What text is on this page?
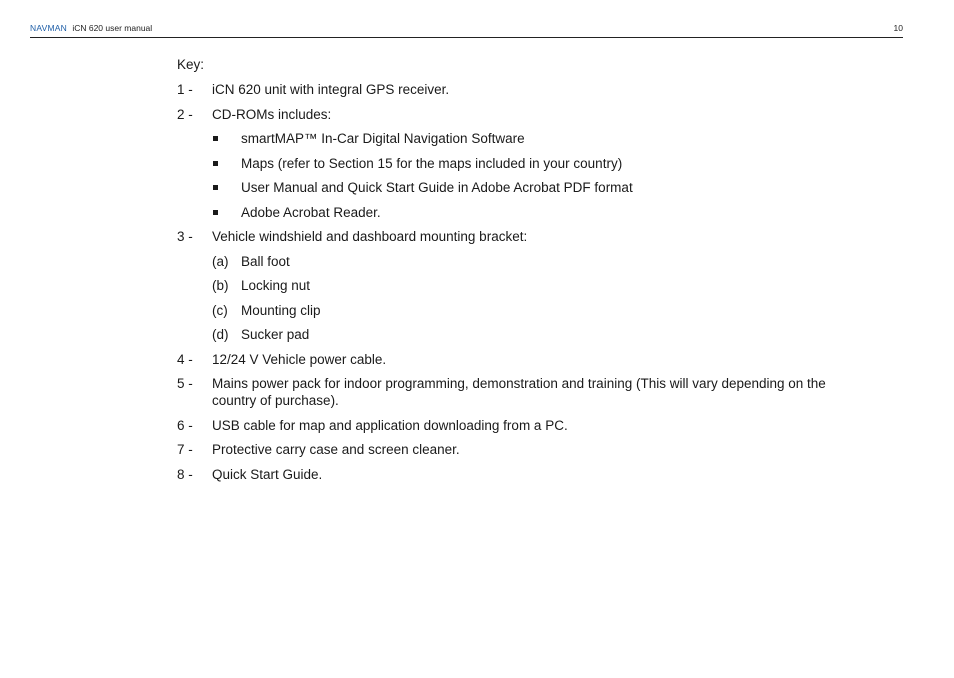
NAVMAN iCN 620 user manual	10
Key:
1 - iCN 620 unit with integral GPS receiver.
2 - CD-ROMs includes:
smartMAP™ In-Car Digital Navigation Software
Maps (refer to Section 15 for the maps included in your country)
User Manual and Quick Start Guide in Adobe Acrobat PDF format
Adobe Acrobat Reader.
3 - Vehicle windshield and dashboard mounting bracket:
(a) Ball foot
(b) Locking nut
(c) Mounting clip
(d) Sucker pad
4 - 12/24 V Vehicle power cable.
5 - Mains power pack for indoor programming, demonstration and training (This will vary depending on the country of purchase).
6 - USB cable for map and application downloading from a PC.
7 - Protective carry case and screen cleaner.
8 - Quick Start Guide.
